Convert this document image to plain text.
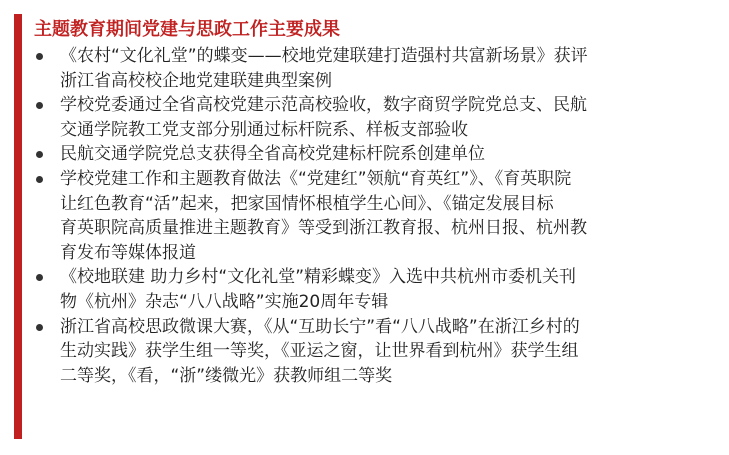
主题教育期间党建与思政工作主要成果
《农村“文化礼堂”的蝶变——校地党建联建打造强村共富新场景》获评
浙江省高校校企地党建联建典型案例
学校党委通过全省高校党建示范高校验收，数字商贸学院党总支、民航
交通学院教工党支部分别通过标杆院系、样板支部验收
民航交通学院党总支获得全省高校党建标杆院系创建单位
学校党建工作和主题教育做法《“党建红”领航“育英红”》、《育英职院
让红色教育“活”起来，把家国情怀根植学生心间》、《锚定发展目标
育英职院高质量推进主题教育》等受到浙江教育报、杭州日报、杭州教
育发布等媒体报道
《校地联建 助力乡村“文化礼堂”精彩蝶变》入选中共杭州市委机关刊
物《杭州》杂志“八八战略”实施20周年专辑
浙江省高校思政微课大赛，《从“互助长宁”看“八八战略”在浙江乡村的
生动实践》获学生组一等奖，《亚运之窗，让世界看到杭州》获学生组
二等奖，《看，“浙”缕微光》获教师组二等奖
